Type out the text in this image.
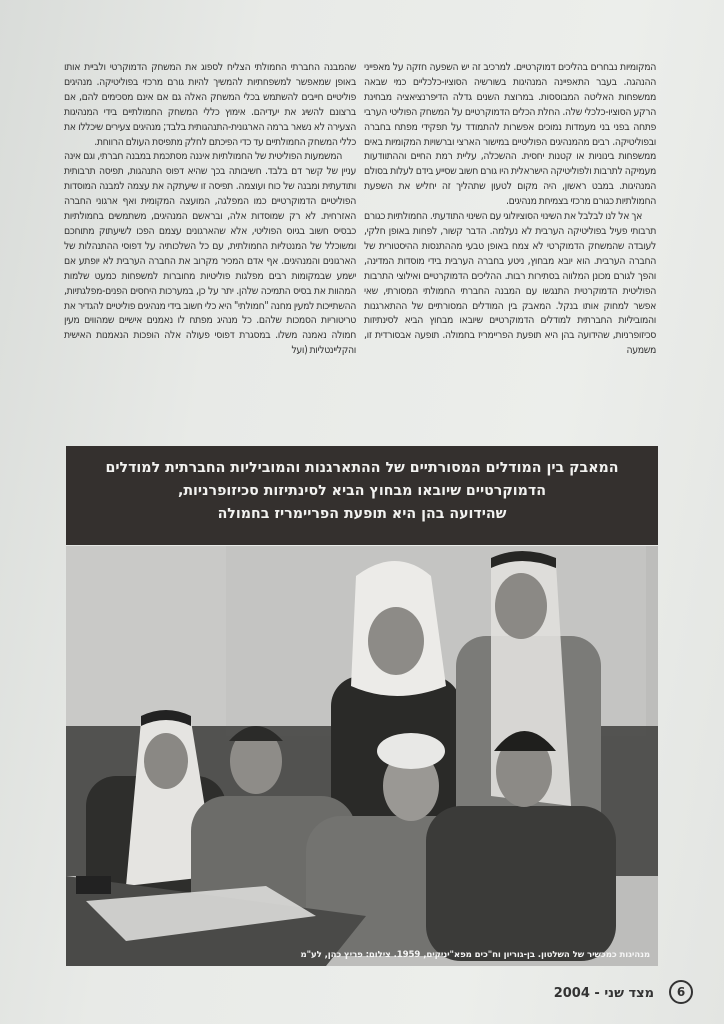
המקומיות נבחרים בהליכים דמוקרטיים. למרכיב זה יש השפעה חזקה על מאפייני ההנהגה. בעבר התאפיינה המנהיגות בשורשיה הסוציו-כלכליים כמי שבאה ממשפחות האליטה המבוססות. במרוצת השנים גדלה הדיפרנציאציה מבחינת הרקע הסוציו-כלכלי שלה. החלת הכלים הדמוקרטיים על המשחק הפוליטי הערבי פתחה בפני בני מעמדות נמוכים אפשרות להתמודד על תפקידי מפתח בחברה ובפוליטיקה. רבים מהמנהיגים הפוליטיים במישור הארצי וברשויות המקומיות באים ממשפחות בינוניות או קטנות יחסית. ההשכלה, עליית רמת החיים וההתוודעות מעמיקה לתרבות ולפוליטיקה הישראלית היו גורם חשוב שסייע בידם לעלות בסולם המנהיגות. במבט ראשון, היה מקום לטעון שתהליך זה יחליש את השפעת החמולתיות כגורם מרכזי בצמיחת מנהיגים.

אך אל לנו לבלבל את השינוי הסוציולוגי עם השינוי התודעתי. החמולתיות כגורם תרבותי פעיל בפוליטיקה הערבית לא נעלמה. הדבר קשור, לפחות באופן חלקי, לעובדה שהמשחק הדמוקרטי לא צמח באופן טבעי מההתנסות ההיסטורית של החברה הערבית. הוא יובא מבחוץ, ניטע בחברה הערבית בידי מוסדות המדינה, והפך לגורם מכונן המלווה בסתירות רבות. ההליכים הדמוקרטיים ואילוצי התרבות הפוליטית הדמוקרטית התנגשו עם המבנה החברתי החמולתי המסורתי, שאי אפשר למחוק אותו בנקל. המאבק בין המודלים המסורתיים של ההתארגנות והמוביליות החברתית למודלים הדמוקרטיים שיובאו מבחוץ הביא לסינתיזות סכיזופרניות, שהידועה בהן היא תופעת הפריימריז בחמולה. תופעה אבסורדית זו, משמעה

שהמבנה החברתי החמולתי הצליח לספוג את המשחק הדמוקרטי ולביית אותו באופן שמאפשר למשפחתיות להמשיך להיות גורם מרכזי בפוליטיקה. מנהיגים פוליטיים חייבים להשתמש בכלי המשחק האלה גם אם אינם מסכימים להם, אם ברצונם להשיג את יעדיהם. אימוץ כללי המשחק החמולתיים בידי המנהיגות הצעירה לא נשאר ברמה הארגונית-התנהגותית בלבד; מנהיגים צעירים שיכללו את כללי המשחק החמולתיים עד כדי הפיכתם לחלק מתפיסת העולם הרווחת.

המשמעות הפוליטית של החמולתיות איננה מסתכמת במבנה חברתי, וגם אינה עניין של קשר דם בלבד. חשיבותה בכך שהיא דפוס התנהגות, תפיסה תרבותית ותודעתית ומבנה של כוח ועוצמה. תפיסה זו שיעתקה את עצמה למבנה המוסדות הפוליטיים הדמוקרטיים כמו המפלגה, המועצה המקומית ואף ארגוני החברה האזרחית. לא רק שמוסדות אלה, ובראשם המנהיגים, משתמשים בחמולתיות כבסיס חשוב בגיוס הפוליטי, אלא שהארגונים עצמם הפכו לשיעתוק מתוחכם ומשוכלל של המנטליות החמולתית, עם כל השלכותיה על דפוסי ההתנהלות של הארגונים והמנהיגים. אף אדם המכיר מקרוב את החברה הערבית לא יופתע אם ישמע שבמקומות רבים מפלגות פוליטיות מחוברות למשפחות כמעט שלמות המהוות את בסיס התמיכה שלהן. יתר על כן, במערכות היחסים הפנים-מפלגתיות, ההשתייכות למעין מחנה "חמולתי" היא כלי חשוב בידי מנהיגים פוליטיים להגדיר את טריטוריות הסמכות שלהם. כל מנהיג מפתח לו נאמנים אישיים שמהווים מעין חמולה נאמנה משלו. במסגרת דפוסי פעולה אלה הופכות הנאמנות האישית והקליינטליות (ועל

המאבק בין המודלים המסורתיים של ההתארגנות והמוביליות החברתית למודלים
הדמוקרטיים שיובאו מבחוץ הביא לסינתיזות סכיזופרניות,
שהידועה בהן היא תופעת הפריימריז בחמולה
מנהיגות כמכשיר של השלטון. בן-גוריון וח"כים מפא"יניקים, 1959. צילום: פריץ כהן, לע"מ
מצד שני - 2004	6
